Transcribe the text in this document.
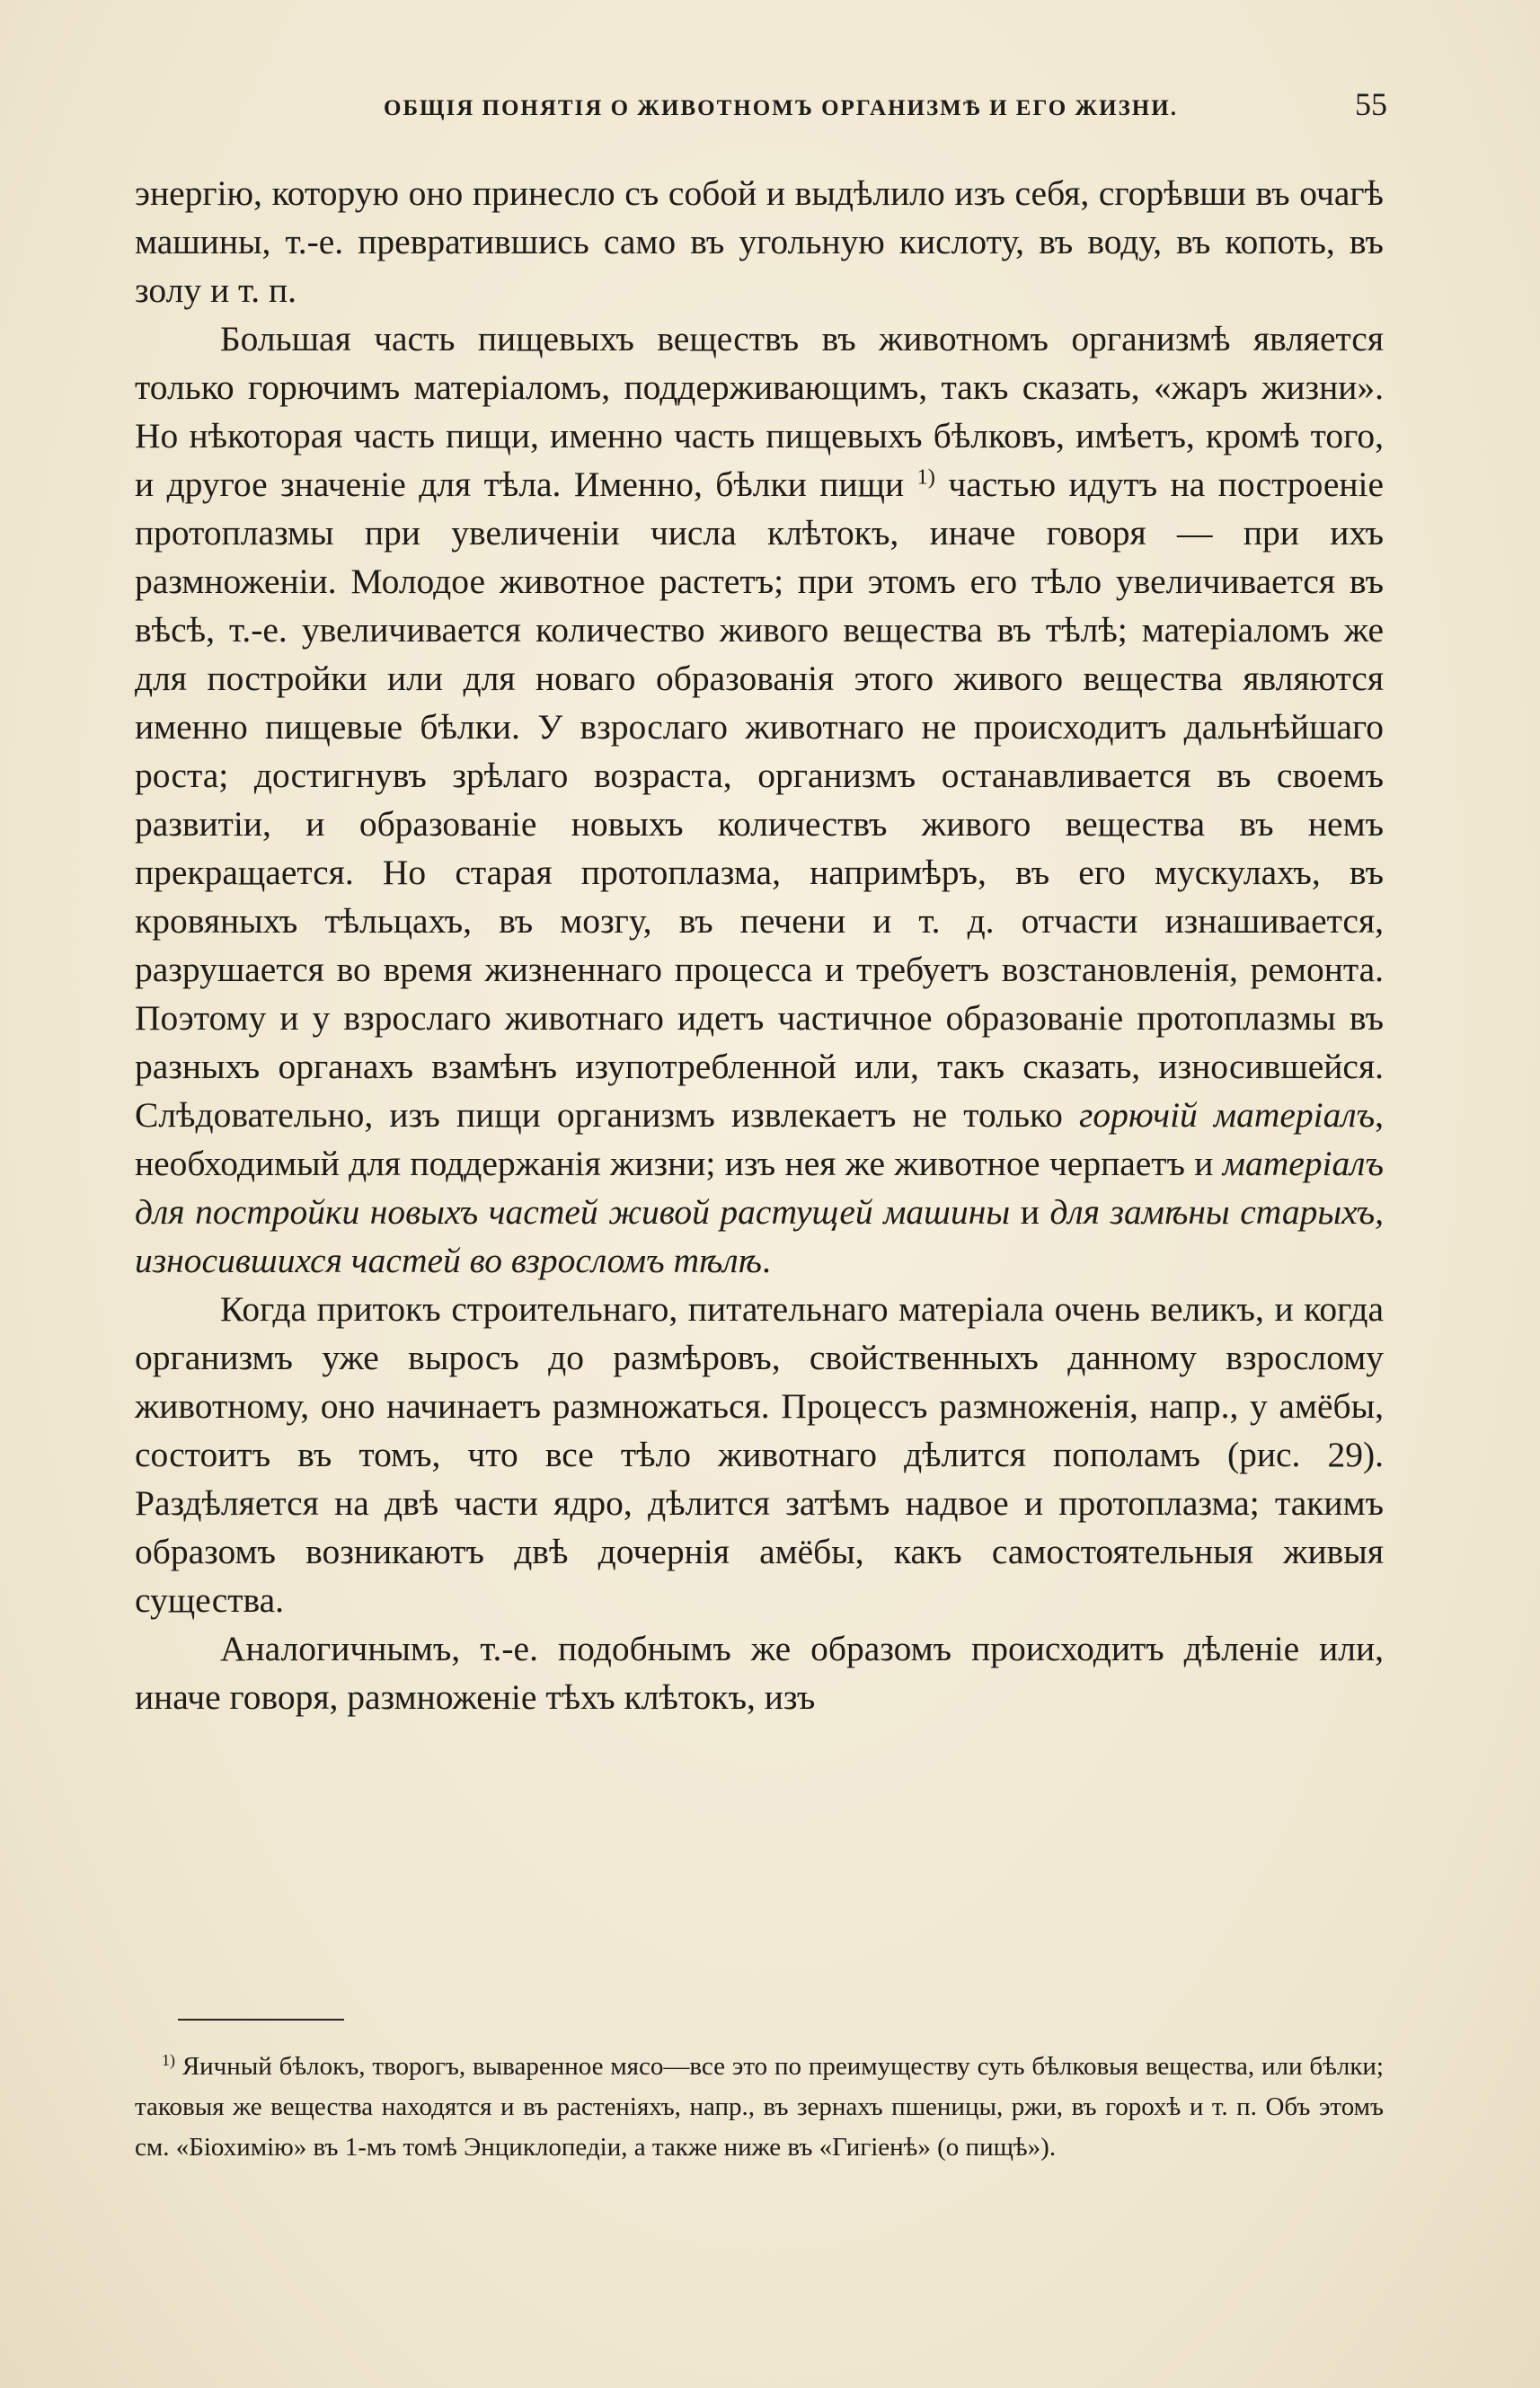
ОБЩІЯ ПОНЯТІЯ О ЖИВОТНОМЪ ОРГАНИЗМѢ И ЕГО ЖИЗНИ.	55

энергію, которую оно принесло съ собой и выдѣлило изъ себя, сгорѣвши въ очагѣ машины, т.-е. превратившись само въ угольную кислоту, въ воду, въ копоть, въ золу и т. п.

Большая часть пищевыхъ веществъ въ животномъ организмѣ является только горючимъ матеріаломъ, поддерживающимъ, такъ сказать, «жаръ жизни». Но нѣкоторая часть пищи, именно часть пищевыхъ бѣлковъ, имѣетъ, кромѣ того, и другое значеніе для тѣла. Именно, бѣлки пищи $^{1)}$ частью идутъ на построеніе протоплазмы при увеличеніи числа клѣтокъ, иначе говоря — при ихъ размноженіи. Молодое животное растетъ; при этомъ его тѣло увеличивается въ вѣсѣ, т.-е. увеличивается количество живого вещества въ тѣлѣ; матеріаломъ же для постройки или для новаго образованія этого живого вещества являются именно пищевые бѣлки. У взрослаго животнаго не происходитъ дальнѣйшаго роста; достигнувъ зрѣлаго возраста, организмъ останавливается въ своемъ развитіи, и образованіе новыхъ количествъ живого вещества въ немъ прекращается. Но старая протоплазма, напримѣръ, въ его мускулахъ, въ кровяныхъ тѣльцахъ, въ мозгу, въ печени и т. д. отчасти изнашивается, разрушается во время жизненнаго процесса и требуетъ возстановленія, ремонта. Поэтому и у взрослаго животнаго идетъ частичное образованіе протоплазмы въ разныхъ органахъ взамѣнъ изупотребленной или, такъ сказать, износившейся. Слѣдовательно, изъ пищи организмъ извлекаетъ не только горючій матеріалъ, необходимый для поддержанія жизни; изъ нея же животное черпаетъ и матеріалъ для постройки новыхъ частей живой растущей машины и для замѣны старыхъ, износившихся частей во взросломъ тѣлѣ.

Когда притокъ строительнаго, питательнаго матеріала очень великъ, и когда организмъ уже выросъ до размѣровъ, свойственныхъ данному взрослому животному, оно начинаетъ размножаться. Процессъ размноженія, напр., у амёбы, состоитъ въ томъ, что все тѣло животнаго дѣлится пополамъ (рис. 29). Раздѣляется на двѣ части ядро, дѣлится затѣмъ надвое и протоплазма; такимъ образомъ возникаютъ двѣ дочернія амёбы, какъ самостоятельныя живыя существа.

Аналогичнымъ, т.-е. подобнымъ же образомъ происходитъ дѣленіе или, иначе говоря, размноженіе тѣхъ клѣтокъ, изъ

$^{1)}$ Яичный бѣлокъ, творогъ, вываренное мясо—все это по преимуществу суть бѣлковыя вещества, или бѣлки; таковыя же вещества находятся и въ растеніяхъ, напр., въ зернахъ пшеницы, ржи, въ горохѣ и т. п. Объ этомъ см. «Біохимію» въ 1-мъ томѣ Энциклопедіи, а также ниже въ «Гигіенѣ» (о пищѣ»).
